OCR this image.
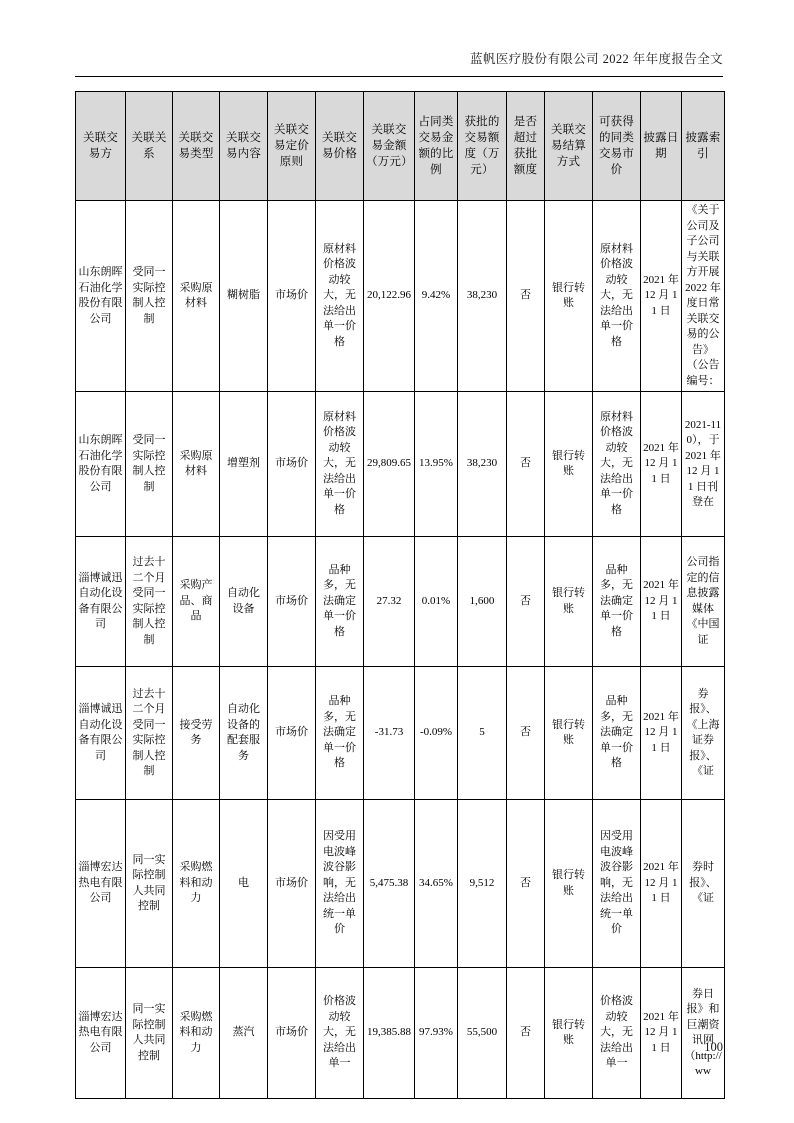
蓝帆医疗股份有限公司 2022 年年度报告全文
关联交易方	关联关系	关联交易类型	关联交易内容	关联交易定价原则	关联交易价格	关联交易金额（万元）	占同类交易金额的比例	获批的交易额度（万元）	是否超过获批额度	关联交易结算方式	可获得的同类交易市价	披露日期	披露索引
山东朗晖石油化学股份有限公司	受同一实际控制人控制	采购原材料	糊树脂	市场价	原材料价格波动较大，无法给出单一价格	20,122.96	9.42%	38,230	否	银行转账	原材料价格波动较大，无法给出单一价格	2021 年 12 月 11 日	《关于公司及子公司与关联方开展 2022 年度日常关联交易的公告》（公告编号：
山东朗晖石油化学股份有限公司	受同一实际控制人控制	采购原材料	增塑剂	市场价	原材料价格波动较大，无法给出单一价格	29,809.65	13.95%	38,230	否	银行转账	原材料价格波动较大，无法给出单一价格	2021 年 12 月 11 日	2021-110），于 2021 年 12 月 11 日刊登在
淄博诚迅自动化设备有限公司	过去十二个月受同一实际控制人控制	采购产品、商品	自动化设备	市场价	品种多，无法确定单一价格	27.32	0.01%	1,600	否	银行转账	品种多，无法确定单一价格	2021 年 12 月 11 日	公司指定的信息披露媒体《中国证
淄博诚迅自动化设备有限公司	过去十二个月受同一实际控制人控制	接受劳务	自动化设备的配套服务	市场价	品种多，无法确定单一价格	-31.73	-0.09%	5	否	银行转账	品种多，无法确定单一价格	2021 年 12 月 11 日	券报》、《上海证券报》、《证
淄博宏达热电有限公司	同一实际控制人共同控制	采购燃料和动力	电	市场价	因受用电波峰波谷影响，无法给出统一单价	5,475.38	34.65%	9,512	否	银行转账	因受用电波峰波谷影响，无法给出统一单价	2021 年 12 月 11 日	券时报》、《证
淄博宏达热电有限公司	同一实际控制人共同控制	采购燃料和动力	蒸汽	市场价	价格波动较大，无法给出单一	19,385.88	97.93%	55,500	否	银行转账	价格波动较大，无法给出单一	2021 年 12 月 11 日	券日报》和巨潮资讯网（http://ww
100
